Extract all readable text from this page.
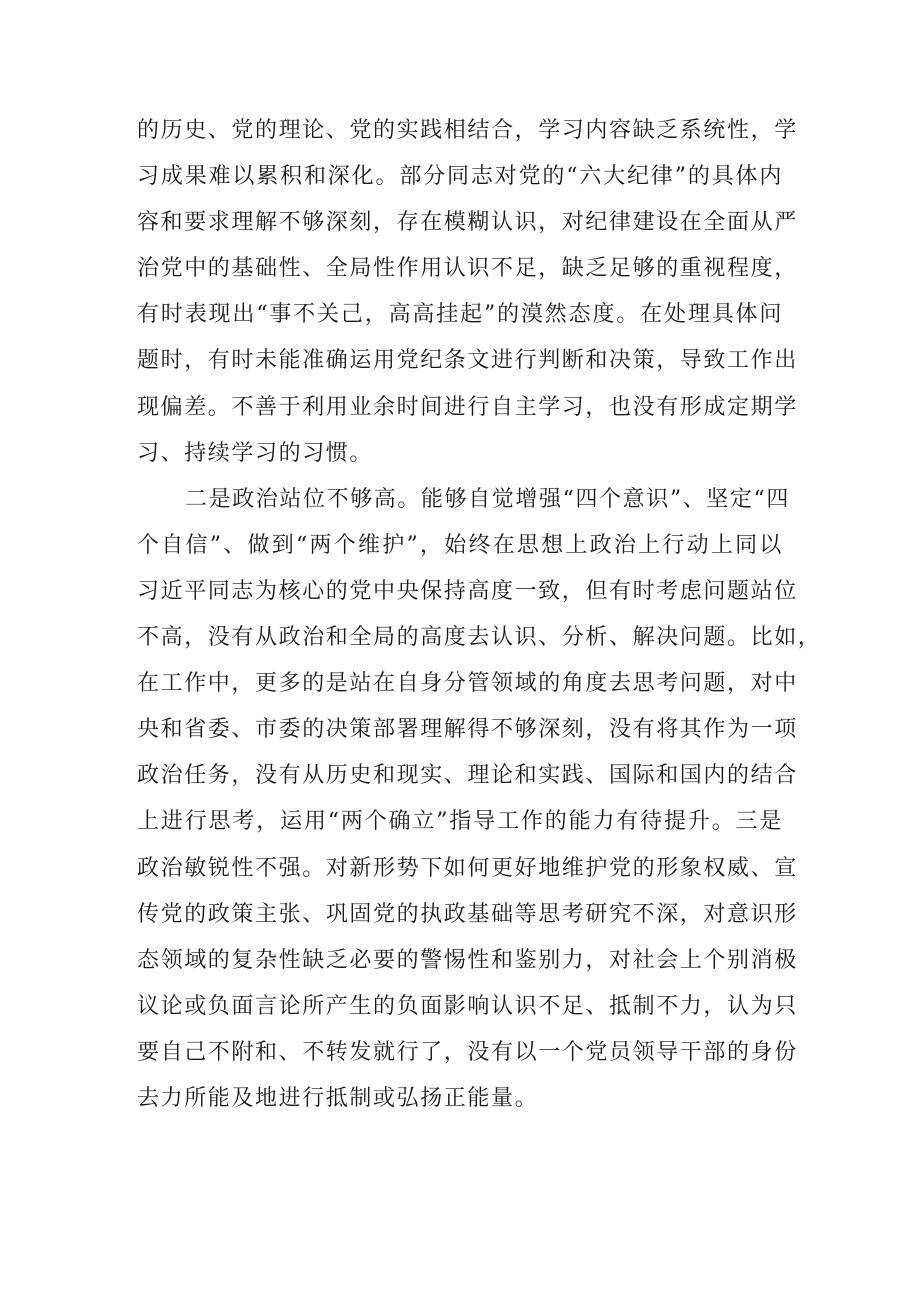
的历史、党的理论、党的实践相结合，学习内容缺乏系统性，学
习成果难以累积和深化。部分同志对党的“六大纪律”的具体内
容和要求理解不够深刻，存在模糊认识，对纪律建设在全面从严
治党中的基础性、全局性作用认识不足，缺乏足够的重视程度，
有时表现出“事不关己，高高挂起”的漠然态度。在处理具体问
题时，有时未能准确运用党纪条文进行判断和决策，导致工作出
现偏差。不善于利用业余时间进行自主学习，也没有形成定期学
习、持续学习的习惯。
二是政治站位不够高。能够自觉增强“四个意识”、坚定“四
个自信”、做到“两个维护”，始终在思想上政治上行动上同以
习近平同志为核心的党中央保持高度一致，但有时考虑问题站位
不高，没有从政治和全局的高度去认识、分析、解决问题。比如，
在工作中，更多的是站在自身分管领域的角度去思考问题，对中
央和省委、市委的决策部署理解得不够深刻，没有将其作为一项
政治任务，没有从历史和现实、理论和实践、国际和国内的结合
上进行思考，运用“两个确立”指导工作的能力有待提升。三是
政治敏锐性不强。对新形势下如何更好地维护党的形象权威、宣
传党的政策主张、巩固党的执政基础等思考研究不深，对意识形
态领域的复杂性缺乏必要的警惕性和鉴别力，对社会上个别消极
议论或负面言论所产生的负面影响认识不足、抵制不力，认为只
要自己不附和、不转发就行了，没有以一个党员领导干部的身份
去力所能及地进行抵制或弘扬正能量。
